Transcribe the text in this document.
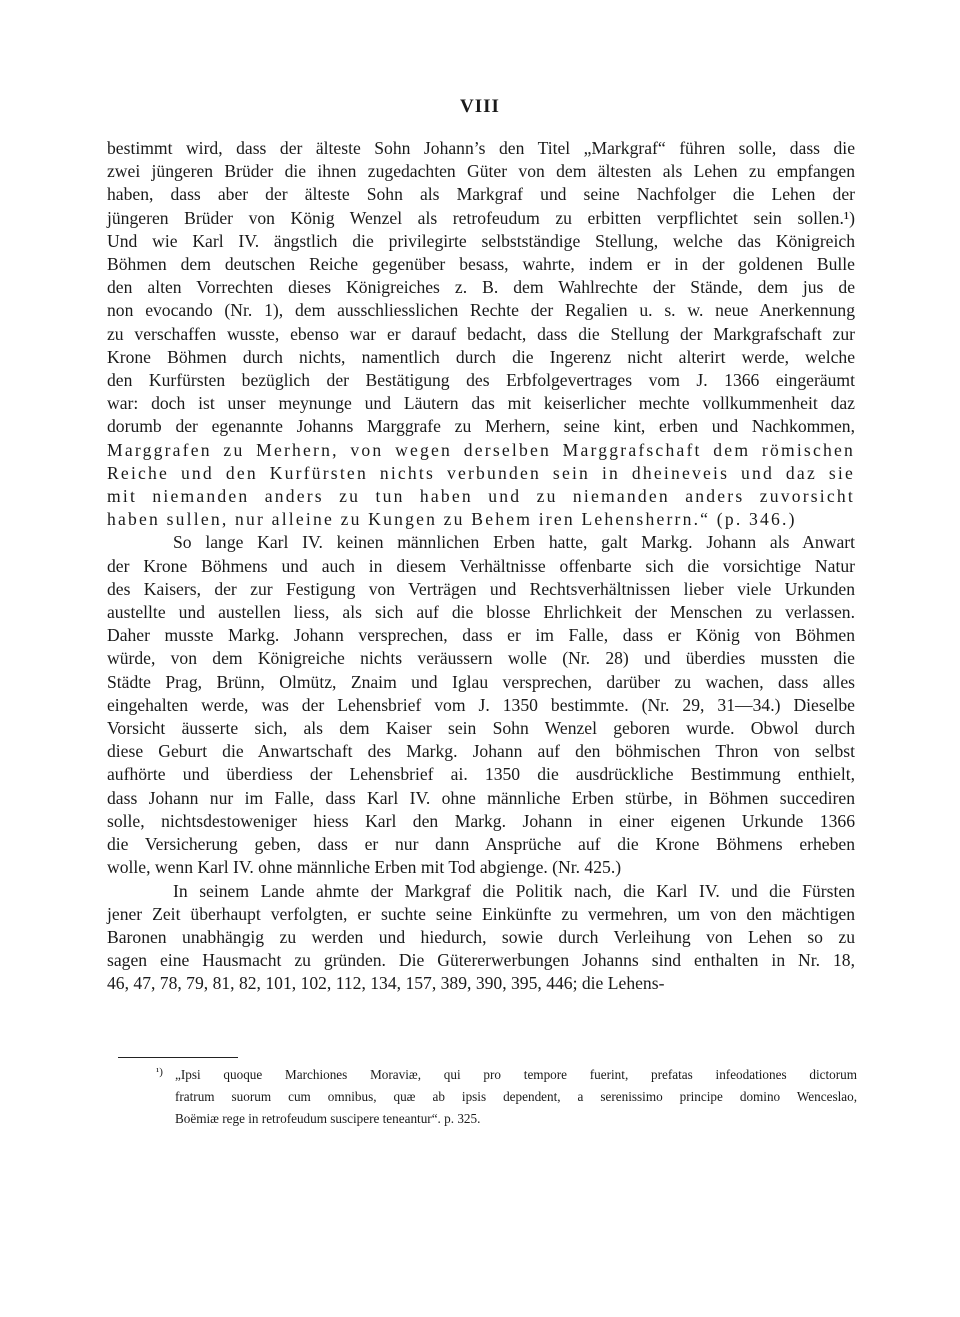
VIII
bestimmt wird, dass der älteste Sohn Johann’s den Titel „Markgraf“ führen solle, dass die
zwei jüngeren Brüder die ihnen zugedachten Güter von dem ältesten als Lehen zu empfangen
haben, dass aber der älteste Sohn als Markgraf und seine Nachfolger die Lehen der
jüngeren Brüder von König Wenzel als retrofeudum zu erbitten verpflichtet sein sollen.¹)
Und wie Karl IV. ängstlich die privilegirte selbstständige Stellung, welche das Königreich
Böhmen dem deutschen Reiche gegenüber besass, wahrte, indem er in der goldenen Bulle
den alten Vorrechten dieses Königreiches z. B. dem Wahlrechte der Stände, dem jus de
non evocando (Nr. 1), dem ausschliesslichen Rechte der Regalien u. s. w. neue Anerkennung
zu verschaffen wusste, ebenso war er darauf bedacht, dass die Stellung der Markgrafschaft zur
Krone Böhmen durch nichts, namentlich durch die Ingerenz nicht alterirt werde, welche
den Kurfürsten bezüglich der Bestätigung des Erbfolgevertrages vom J. 1366 eingeräumt
war: doch ist unser meynunge und Läutern das mit keiserlicher mechte vollkummenheit daz
dorumb der egenannte Johanns Marggrafe zu Merhern, seine kint, erben und Nachkommen,
Marggrafen zu Merhern, von wegen derselben Marggrafschaft dem römischen
Reiche und den Kurfürsten nichts verbunden sein in dheineveis und daz sie
mit niemanden anders zu tun haben und zu niemanden anders zuvorsicht
haben sullen, nur alleine zu Kungen zu Behem iren Lehensherrn.“ (p. 346.)
So lange Karl IV. keinen männlichen Erben hatte, galt Markg. Johann als Anwart
der Krone Böhmens und auch in diesem Verhältnisse offenbarte sich die vorsichtige Natur
des Kaisers, der zur Festigung von Verträgen und Rechtsverhältnissen lieber viele Urkunden
austellte und austellen liess, als sich auf die blosse Ehrlichkeit der Menschen zu verlassen.
Daher musste Markg. Johann versprechen, dass er im Falle, dass er König von Böhmen
würde, von dem Königreiche nichts veräussern wolle (Nr. 28) und überdies mussten die
Städte Prag, Brünn, Olmütz, Znaim und Iglau versprechen, darüber zu wachen, dass alles
eingehalten werde, was der Lehensbrief vom J. 1350 bestimmte. (Nr. 29, 31—34.) Dieselbe
Vorsicht äusserte sich, als dem Kaiser sein Sohn Wenzel geboren wurde. Obwol durch
diese Geburt die Anwartschaft des Markg. Johann auf den böhmischen Thron von selbst
aufhörte und überdiess der Lehensbrief ai. 1350 die ausdrückliche Bestimmung enthielt,
dass Johann nur im Falle, dass Karl IV. ohne männliche Erben stürbe, in Böhmen succediren
solle, nichtsdestoweniger hiess Karl den Markg. Johann in einer eigenen Urkunde 1366
die Versicherung geben, dass er nur dann Ansprüche auf die Krone Böhmens erheben
wolle, wenn Karl IV. ohne männliche Erben mit Tod abgienge. (Nr. 425.)
In seinem Lande ahmte der Markgraf die Politik nach, die Karl IV. und die Fürsten
jener Zeit überhaupt verfolgten, er suchte seine Einkünfte zu vermehren, um von den mächtigen
Baronen unabhängig zu werden und hiedurch, sowie durch Verleihung von Lehen so zu
sagen eine Hausmacht zu gründen. Die Gütererwerbungen Johanns sind enthalten in Nr. 18,
46, 47, 78, 79, 81, 82, 101, 102, 112, 134, 157, 389, 390, 395, 446; die Lehens-
¹) „Ipsi quoque Marchiones Moraviæ, qui pro tempore fuerint, prefatas infeodationes dictorum
fratrum suorum cum omnibus, quæ ab ipsis dependent, a serenissimo principe domino Wenceslao,
Boëmiæ rege in retrofeudum suscipere teneantur“. p. 325.
